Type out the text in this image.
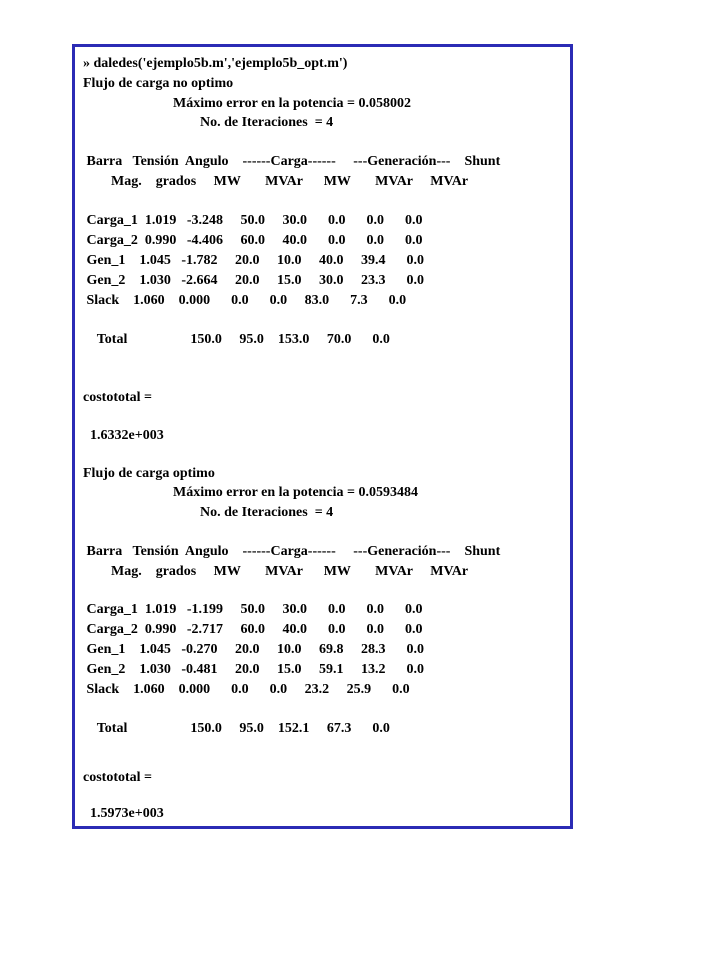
» daledes('ejemplo5b.m','ejemplo5b_opt.m')

Flujo de carga no optimo

Máximo error en la potencia = 0.058002

No. de Iteraciones  = 4

Barra   Tensión  Angulo    ------Carga------     ---Generación---    Shunt

Mag.    grados     MW       MVAr      MW       MVAr     MVAr

Carga_1  1.019   -3.248     50.0     30.0      0.0      0.0      0.0

Carga_2  0.990   -4.406     60.0     40.0      0.0      0.0      0.0

Gen_1    1.045   -1.782     20.0     10.0     40.0     39.4      0.0

Gen_2    1.030   -2.664     20.0     15.0     30.0     23.3      0.0

Slack    1.060    0.000      0.0      0.0     83.0      7.3      0.0

Total                  150.0     95.0    153.0     70.0      0.0

costototal =

1.6332e+003

Flujo de carga optimo

Máximo error en la potencia = 0.0593484

No. de Iteraciones  = 4

Barra   Tensión  Angulo    ------Carga------     ---Generación---    Shunt

Mag.    grados     MW       MVAr      MW       MVAr     MVAr

Carga_1  1.019   -1.199     50.0     30.0      0.0      0.0      0.0

Carga_2  0.990   -2.717     60.0     40.0      0.0      0.0      0.0

Gen_1    1.045   -0.270     20.0     10.0     69.8     28.3      0.0

Gen_2    1.030   -0.481     20.0     15.0     59.1     13.2      0.0

Slack    1.060    0.000      0.0      0.0     23.2     25.9      0.0

Total                  150.0     95.0    152.1     67.3      0.0

costototal =

1.5973e+003
